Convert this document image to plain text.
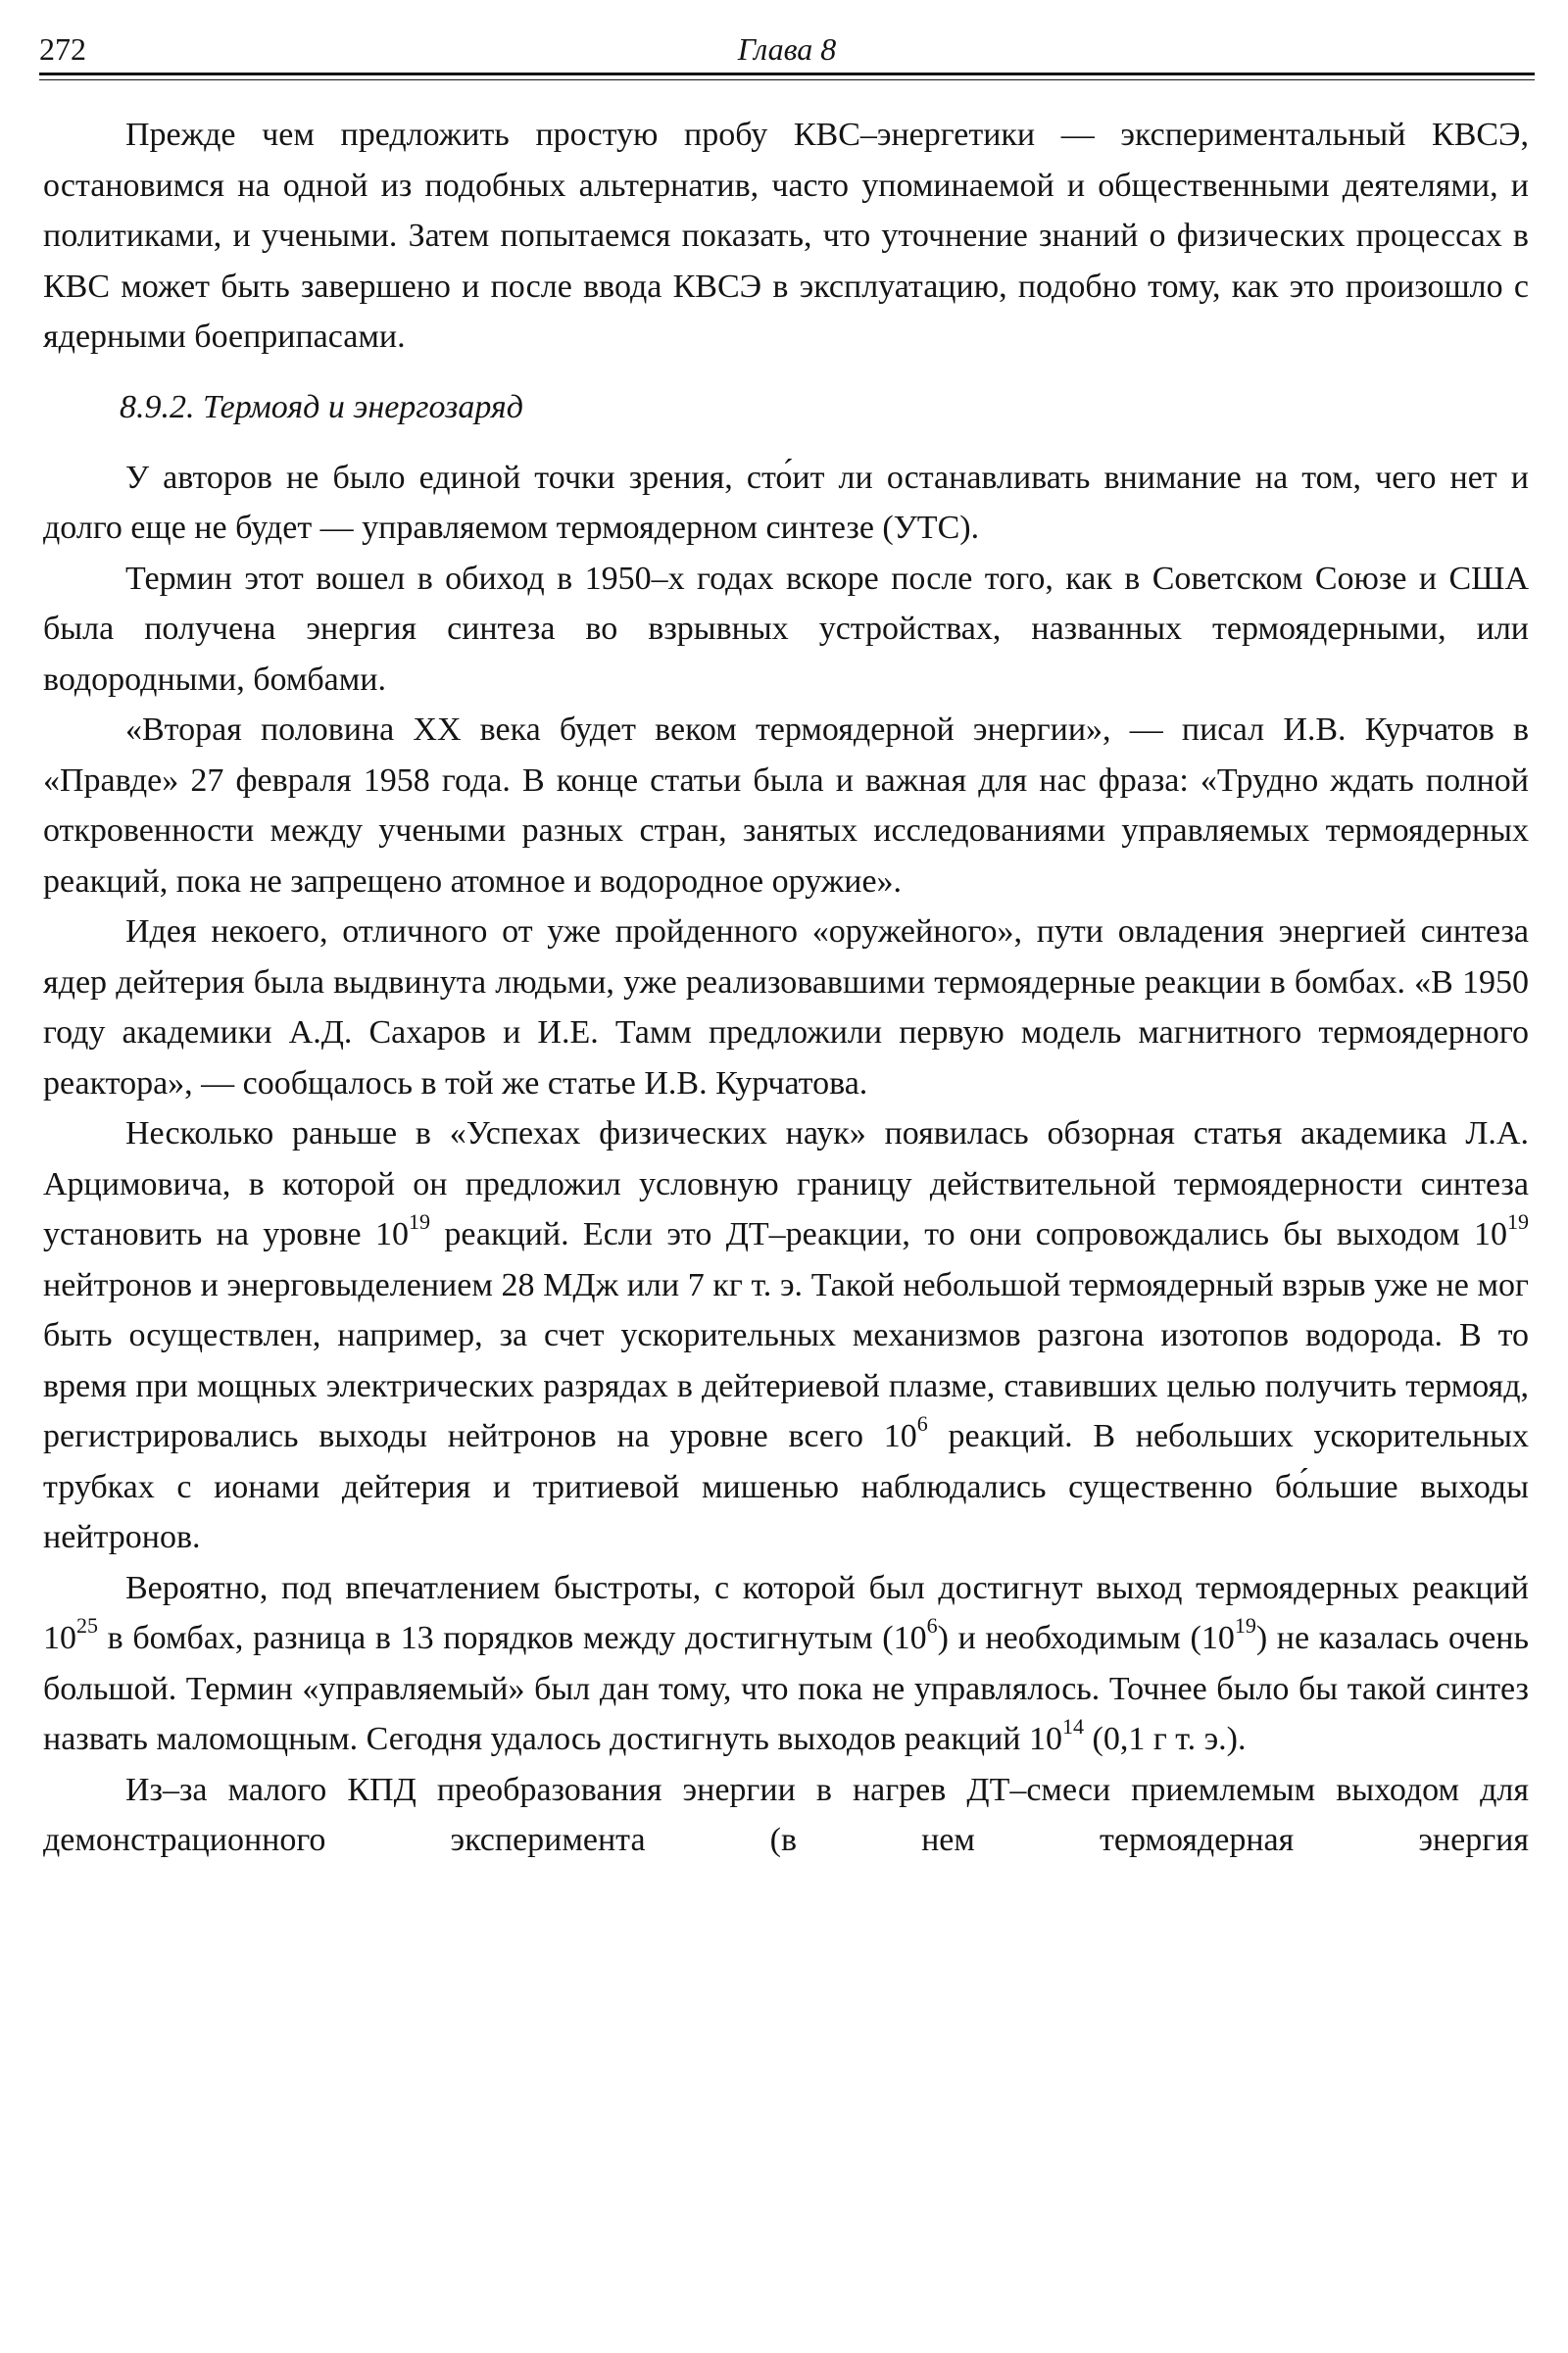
272	Глава 8

Прежде чем предложить простую пробу КВС–энергетики — экспериментальный КВСЭ, остановимся на одной из подобных альтернатив, часто упоминаемой и общественными деятелями, и политиками, и учеными. Затем попытаемся показать, что уточнение знаний о физических процессах в КВС может быть завершено и после ввода КВСЭ в эксплуатацию, подобно тому, как это произошло с ядерными боеприпасами.

8.9.2. Термояд и энергозаряд

У авторов не было единой точки зрения, сто́ит ли останавливать внимание на том, чего нет и долго еще не будет — управляемом термоядерном синтезе (УТС).

Термин этот вошел в обиход в 1950–х годах вскоре после того, как в Советском Союзе и США была получена энергия синтеза во взрывных устройствах, названных термоядерными, или водородными, бомбами.

«Вторая половина XX века будет веком термоядерной энергии», — писал И.В. Курчатов в «Правде» 27 февраля 1958 года. В конце статьи была и важная для нас фраза: «Трудно ждать полной откровенности между учеными разных стран, занятых исследованиями управляемых термоядерных реакций, пока не запрещено атомное и водородное оружие».

Идея некоего, отличного от уже пройденного «оружейного», пути овладения энергией синтеза ядер дейтерия была выдвинута людьми, уже реализовавшими термоядерные реакции в бомбах. «В 1950 году академики А.Д. Сахаров и И.Е. Тамм предложили первую модель магнитного термоядерного реактора», — сообщалось в той же статье И.В. Курчатова.

Несколько раньше в «Успехах физических наук» появилась обзорная статья академика Л.А. Арцимовича, в которой он предложил условную границу действительной термоядерности синтеза установить на уровне $10^{19}$ реакций. Если это ДТ–реакции, то они сопровождались бы выходом $10^{19}$ нейтронов и энерговыделением 28 МДж или 7 кг т. э. Такой небольшой термоядерный взрыв уже не мог быть осуществлен, например, за счет ускорительных механизмов разгона изотопов водорода. В то время при мощных электрических разрядах в дейтериевой плазме, ставивших целью получить термояд, регистрировались выходы нейтронов на уровне всего $10^6$ реакций. В небольших ускорительных трубках с ионами дейтерия и тритиевой мишенью наблюдались существенно бо́льшие выходы нейтронов.

Вероятно, под впечатлением быстроты, с которой был достигнут выход термоядерных реакций $10^{25}$ в бомбах, разница в 13 порядков между достигнутым $(10^6)$ и необходимым $(10^{19})$ не казалась очень большой. Термин «управляемый» был дан тому, что пока не управлялось. Точнее было бы такой синтез назвать маломощным. Сегодня удалось достигнуть выходов реакций $10^{14}$ (0,1 г т. э.).

Из–за малого КПД преобразования энергии в нагрев ДТ–смеси приемлемым выходом для демонстрационного эксперимента (в нем термоядерная энергия
